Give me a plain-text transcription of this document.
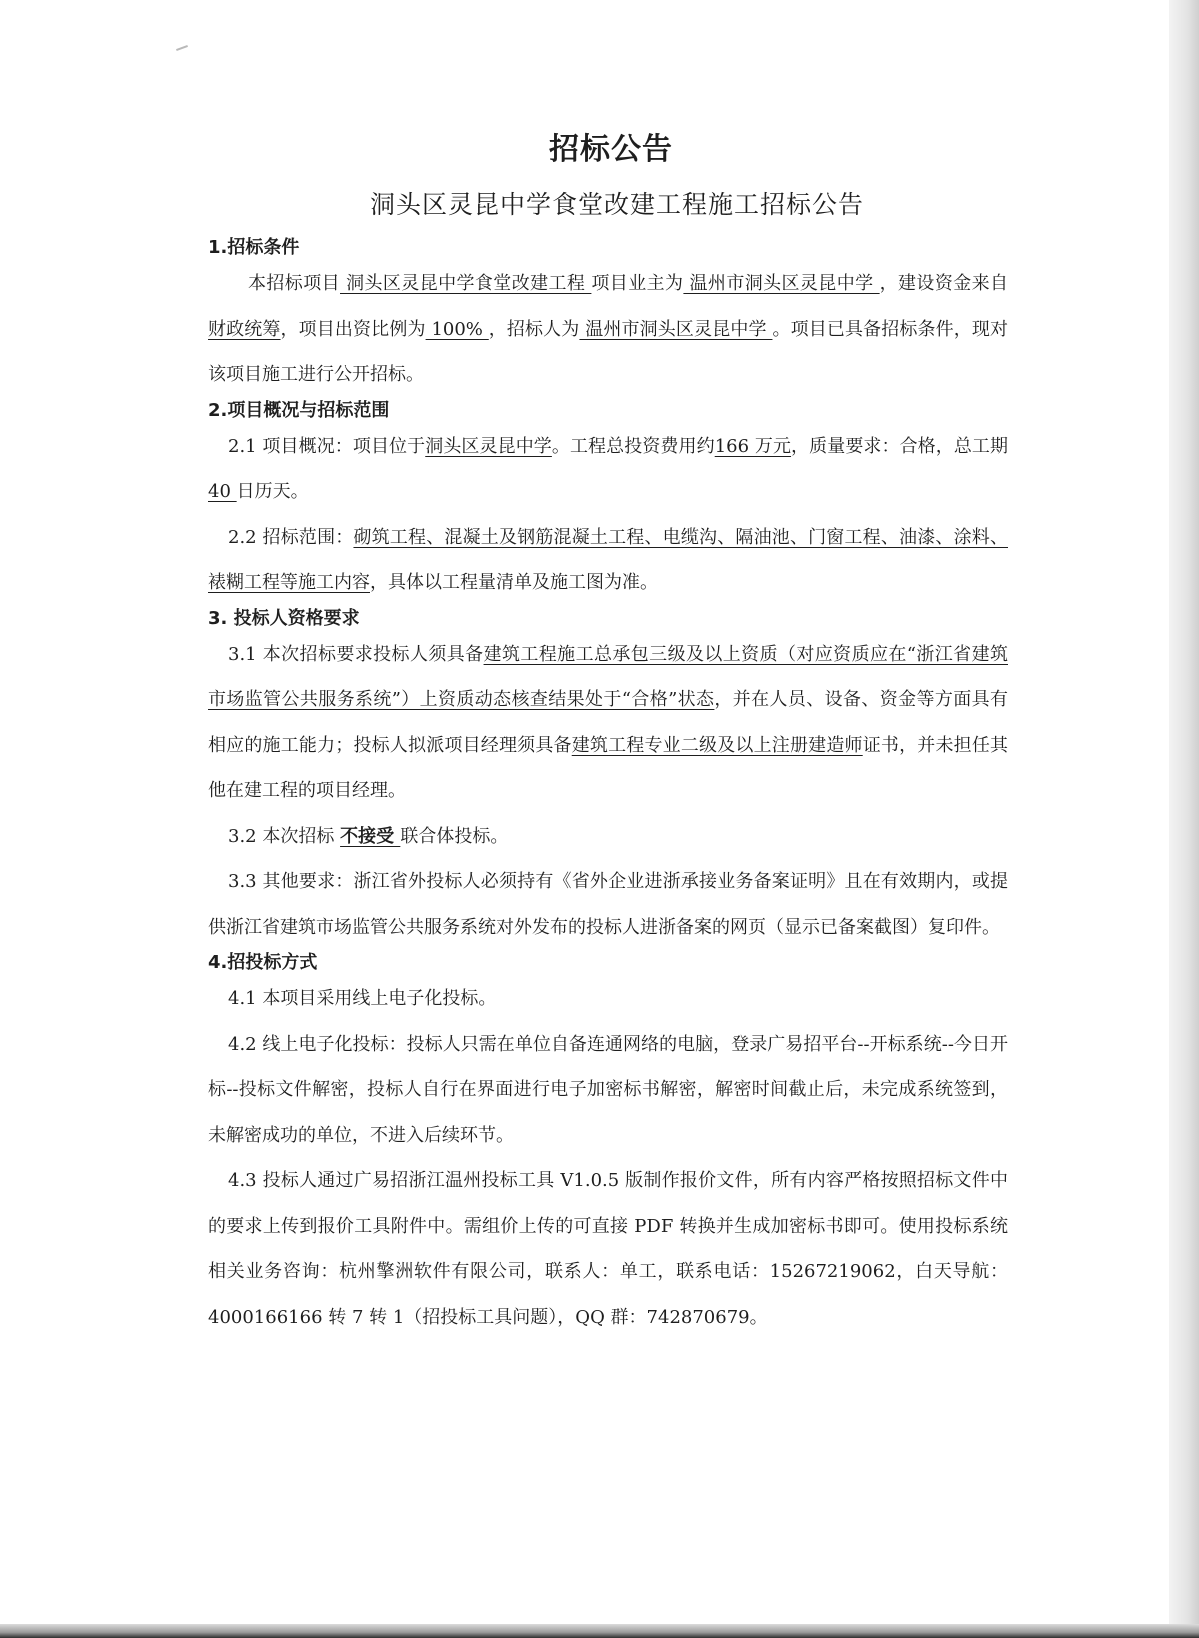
招标公告
洞头区灵昆中学食堂改建工程施工招标公告
1.招标条件

本招标项目 洞头区灵昆中学食堂改建工程 项目业主为 温州市洞头区灵昆中学 ，建设资金来自财政统筹，项目出资比例为 100% ，招标人为 温州市洞头区灵昆中学 。项目已具备招标条件，现对该项目施工进行公开招标。

2.项目概况与招标范围

2.1 项目概况：项目位于洞头区灵昆中学。工程总投资费用约166 万元，质量要求：合格，总工期 40 日历天。

2.2 招标范围：砌筑工程、混凝土及钢筋混凝土工程、电缆沟、隔油池、门窗工程、油漆、涂料、裱糊工程等施工内容，具体以工程量清单及施工图为准。

3. 投标人资格要求

3.1 本次招标要求投标人须具备建筑工程施工总承包三级及以上资质（对应资质应在“浙江省建筑市场监管公共服务系统”）上资质动态核查结果处于“合格”状态，并在人员、设备、资金等方面具有相应的施工能力；投标人拟派项目经理须具备建筑工程专业二级及以上注册建造师证书，并未担任其他在建工程的项目经理。

3.2 本次招标 不接受 联合体投标。

3.3 其他要求：浙江省外投标人必须持有《省外企业进浙承接业务备案证明》且在有效期内，或提供浙江省建筑市场监管公共服务系统对外发布的投标人进浙备案的网页（显示已备案截图）复印件。

4.招投标方式

4.1 本项目采用线上电子化投标。

4.2 线上电子化投标：投标人只需在单位自备连通网络的电脑，登录广易招平台--开标系统--今日开标--投标文件解密，投标人自行在界面进行电子加密标书解密，解密时间截止后，未完成系统签到，未解密成功的单位，不进入后续环节。

4.3 投标人通过广易招浙江温州投标工具 V1.0.5 版制作报价文件，所有内容严格按照招标文件中的要求上传到报价工具附件中。需组价上传的可直接 PDF 转换并生成加密标书即可。使用投标系统相关业务咨询：杭州擎洲软件有限公司，联系人：单工，联系电话：15267219062，白天导航：4000166166 转 7 转 1（招投标工具问题），QQ 群：742870679。
